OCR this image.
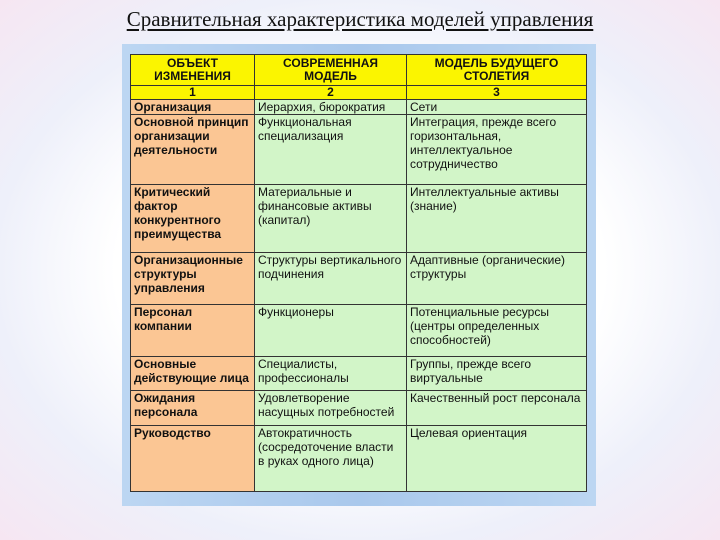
Сравнительная характеристика моделей управления
ОБЪЕКТ ИЗМЕНЕНИЯ	СОВРЕМЕННАЯ МОДЕЛЬ	МОДЕЛЬ БУДУЩЕГО СТОЛЕТИЯ
1	2	3
Организация	Иерархия, бюрократия	Сети
Основной принцип организации деятельности	Функциональная специализация	Интеграция, прежде всего горизонтальная, интеллектуальное сотрудничество
Критический фактор конкурентного преимущества	Материальные и финансовые активы (капитал)	Интеллектуальные активы (знание)
Организационные структуры управления	Структуры вертикального подчинения	Адаптивные (органические) структуры
Персонал компании	Функционеры	Потенциальные ресурсы (центры определенных способностей)
Основные действующие лица	Специалисты, профессионалы	Группы, прежде всего виртуальные
Ожидания персонала	Удовлетворение насущных потребностей	Качественный рост персонала
Руководство	Автократичность (сосредоточение власти в руках одного лица)	Целевая ориентация
